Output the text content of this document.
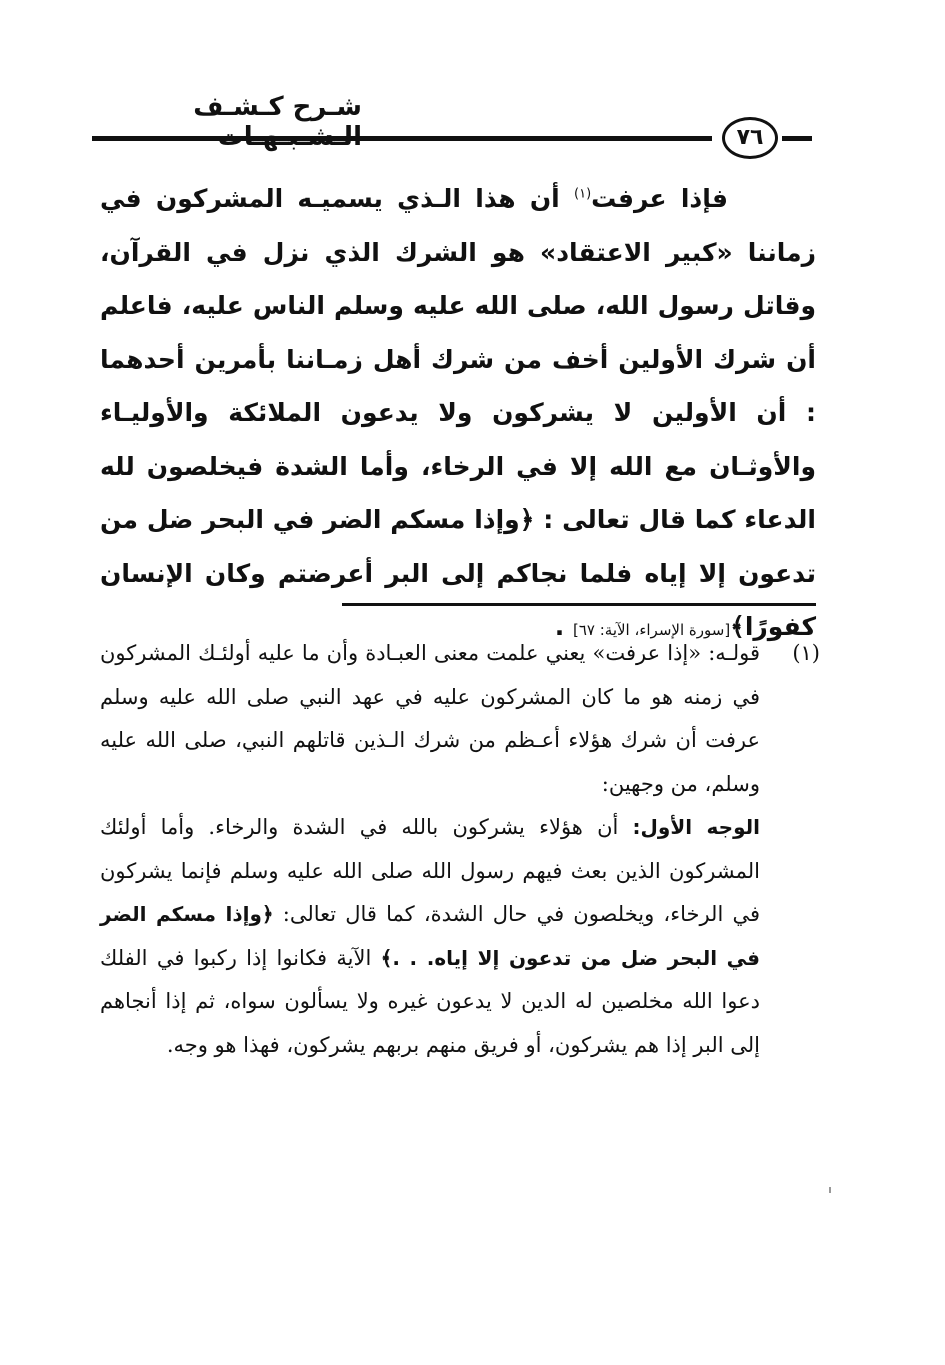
شـرح كـشـف
٧٦

فإذا عرفت$^{(١)}$ أن هذا الـذي يسميـه المشركون في زماننا «كبير الاعتقاد» هو الشرك الذي نزل في القرآن، وقاتل رسول الله، صلى الله عليه وسلم الناس عليه، فاعلم أن شرك الأولين أخف من شرك أهل زمـاننا بأمرين أحدهما : أن الأولين لا يشركون ولا يدعون الملائكة والأوليـاء والأوثـان مع الله إلا في الرخاء، وأما الشدة فيخلصون لله الدعاء كما قال تعالى : ﴿وإذا مسكم الضر في البحر ضل من تدعون إلا إياه فلما نجاكم إلى البر أعرضتم وكان الإنسان كفورًا﴾[سورة الإسراء، الآية: ٦٧] .

(١)

قولـه: «إذا عرفت» يعني علمت معنى العبـادة وأن ما عليه أولئـك المشركون في زمنه هو ما كان المشركون عليه في عهد النبي صلى الله عليه وسلم عرفت أن شرك هؤلاء أعـظم من شرك الـذين قاتلهم النبي، صلى الله عليه وسلم، من وجهين:

الوجه الأول: أن هؤلاء يشركون بالله في الشدة والرخاء. وأما أولئك المشركون الذين بعث فيهم رسول الله صلى الله عليه وسلم فإنما يشركون في الرخاء، ويخلصون في حال الشدة، كما قال تعالى: ﴿وإذا مسكم الضر في البحر ضل من تدعون إلا إياه. . .﴾ الآية فكانوا إذا ركبوا في الفلك دعوا الله مخلصين له الدين لا يدعون غيره ولا يسألون سواه، ثم إذا أنجاهم إلى البر إذا هم يشركون، أو فريق منهم بربهم يشركون، فهذا هو وجه.
